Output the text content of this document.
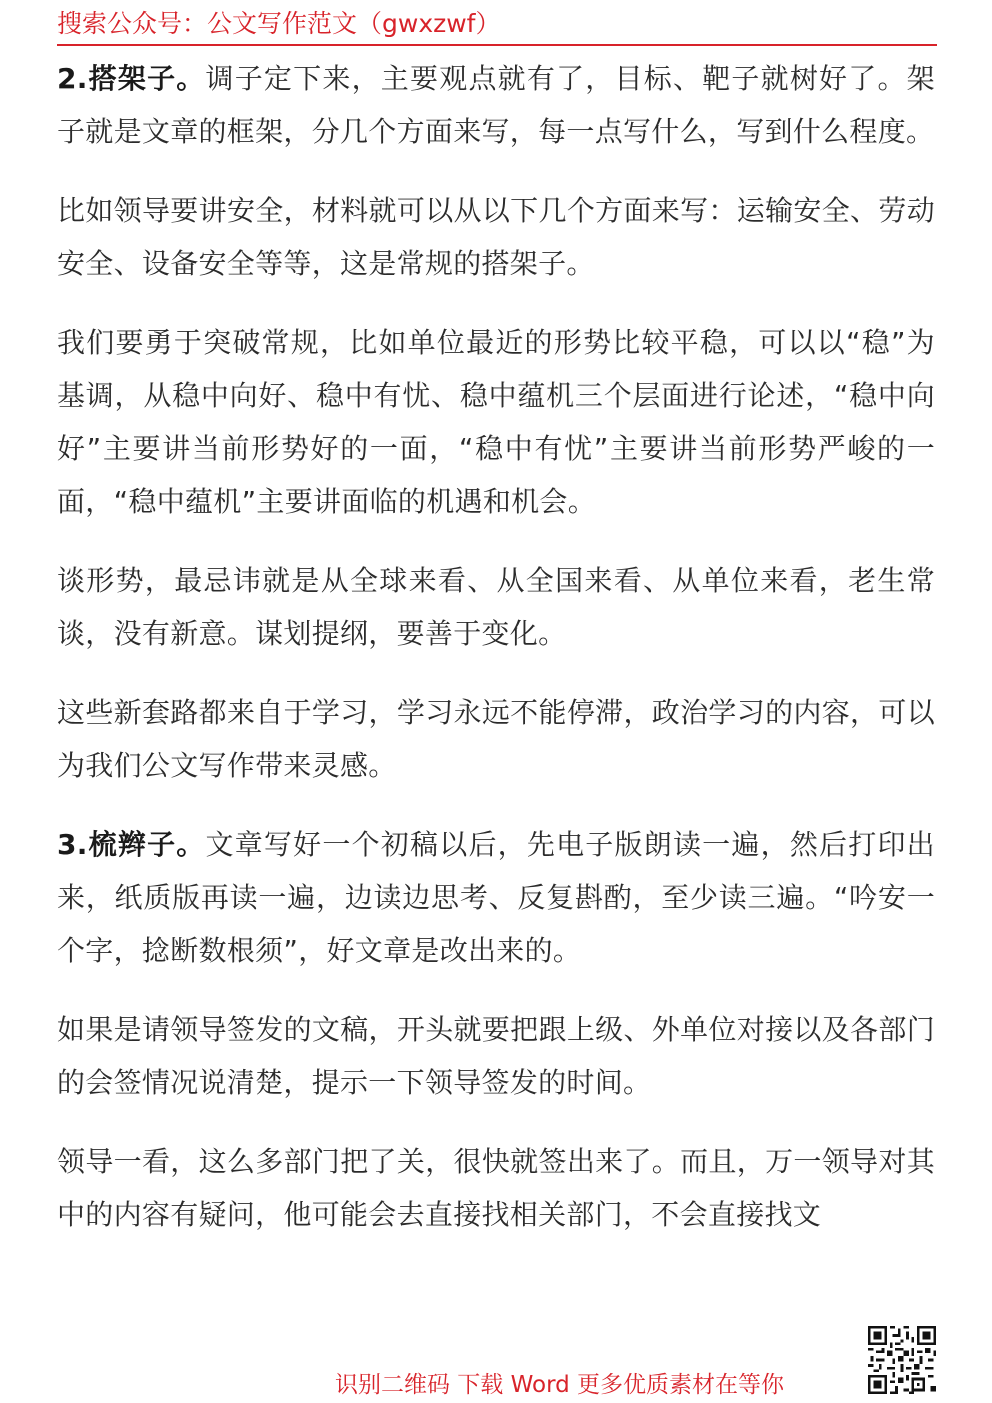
搜索公众号：公文写作范文（gwxzwf）

2.搭架子。调子定下来，主要观点就有了，目标、靶子就树好了。架子就是文章的框架，分几个方面来写，每一点写什么，写到什么程度。

比如领导要讲安全，材料就可以从以下几个方面来写：运输安全、劳动安全、设备安全等等，这是常规的搭架子。

我们要勇于突破常规，比如单位最近的形势比较平稳，可以以“稳”为基调，从稳中向好、稳中有忧、稳中蕴机三个层面进行论述，“稳中向好”主要讲当前形势好的一面，“稳中有忧”主要讲当前形势严峻的一面，“稳中蕴机”主要讲面临的机遇和机会。

谈形势，最忌讳就是从全球来看、从全国来看、从单位来看，老生常谈，没有新意。谋划提纲，要善于变化。

这些新套路都来自于学习，学习永远不能停滞，政治学习的内容，可以为我们公文写作带来灵感。

3.梳辫子。文章写好一个初稿以后，先电子版朗读一遍，然后打印出来，纸质版再读一遍，边读边思考、反复斟酌，至少读三遍。“吟安一个字，捻断数根须”，好文章是改出来的。

如果是请领导签发的文稿，开头就要把跟上级、外单位对接以及各部门的会签情况说清楚，提示一下领导签发的时间。

领导一看，这么多部门把了关，很快就签出来了。而且，万一领导对其中的内容有疑问，他可能会去直接找相关部门，不会直接找文

识别二维码 下载 Word 更多优质素材在等你
